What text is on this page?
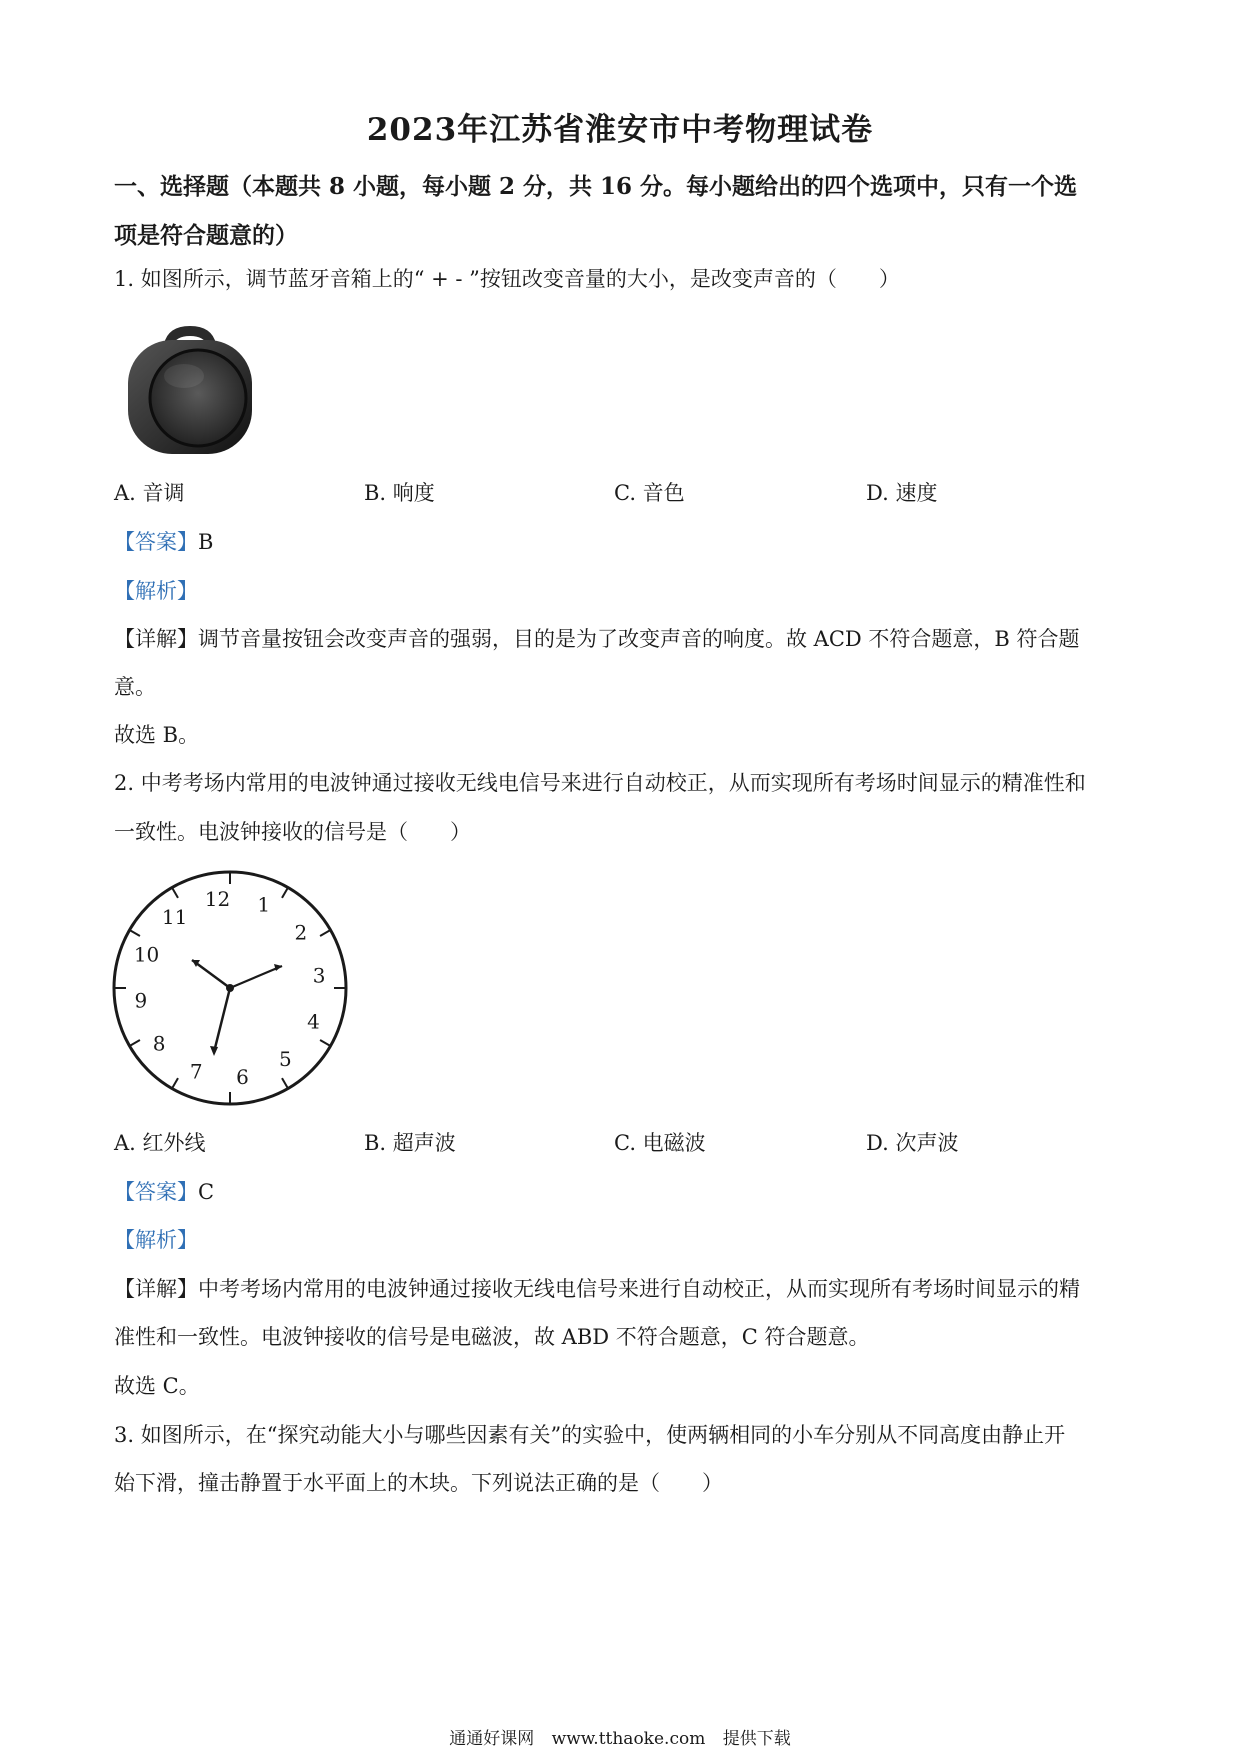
2023年江苏省淮安市中考物理试卷
一、选择题（本题共 8 小题，每小题 2 分，共 16 分。每小题给出的四个选项中，只有一个选
项是符合题意的）
1. 如图所示，调节蓝牙音箱上的“ + - ”按钮改变音量的大小，是改变声音的（　　）
A. 音调	B. 响度	C. 音色	D. 速度
【答案】B
【解析】
【详解】调节音量按钮会改变声音的强弱，目的是为了改变声音的响度。故 ACD 不符合题意，B 符合题
意。
故选 B。
2. 中考考场内常用的电波钟通过接收无线电信号来进行自动校正，从而实现所有考场时间显示的精准性和
一致性。电波钟接收的信号是（　　）
12 1
2
3
4
5
6
7
8
9
10
11
A. 红外线	B. 超声波	C. 电磁波	D. 次声波
【答案】C
【解析】
【详解】中考考场内常用的电波钟通过接收无线电信号来进行自动校正，从而实现所有考场时间显示的精
准性和一致性。电波钟接收的信号是电磁波，故 ABD 不符合题意，C 符合题意。
故选 C。
3. 如图所示，在“探究动能大小与哪些因素有关”的实验中，使两辆相同的小车分别从不同高度由静止开
始下滑，撞击静置于水平面上的木块。下列说法正确的是（　　）
通通好课网 www.tthaoke.com 提供下载
